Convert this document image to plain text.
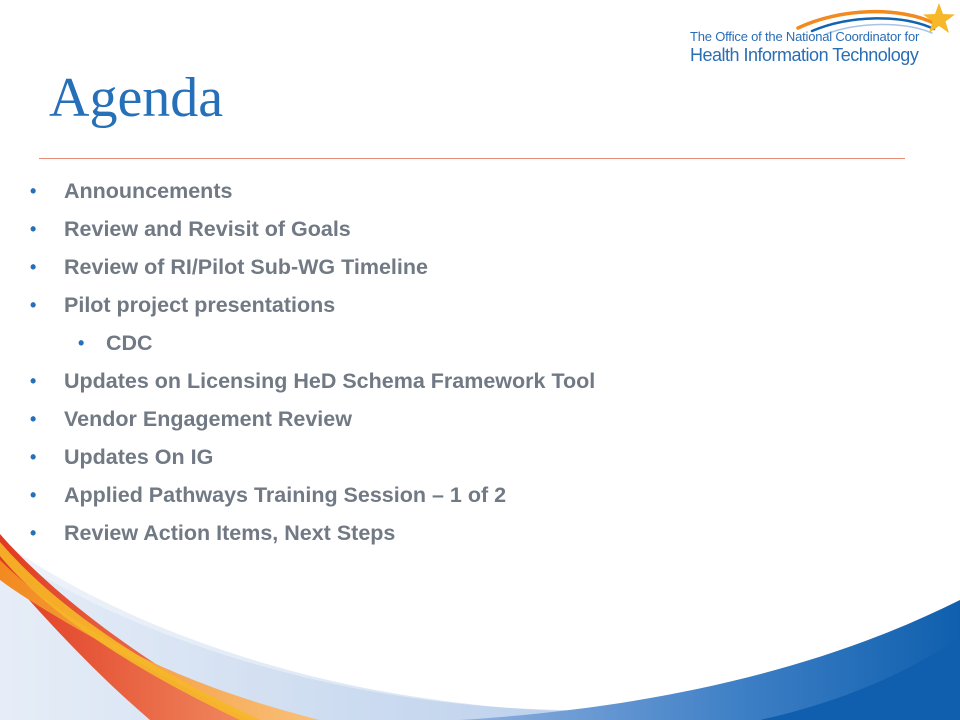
The Office of the National Coordinator for
Health Information Technology
Agenda
• Announcements
• Review and Revisit of Goals
• Review of RI/Pilot Sub-WG Timeline
• Pilot project presentations
• CDC
• Updates on Licensing HeD Schema Framework Tool
• Vendor Engagement Review
• Updates On IG
• Applied Pathways Training Session – 1 of 2
• Review Action Items, Next Steps
